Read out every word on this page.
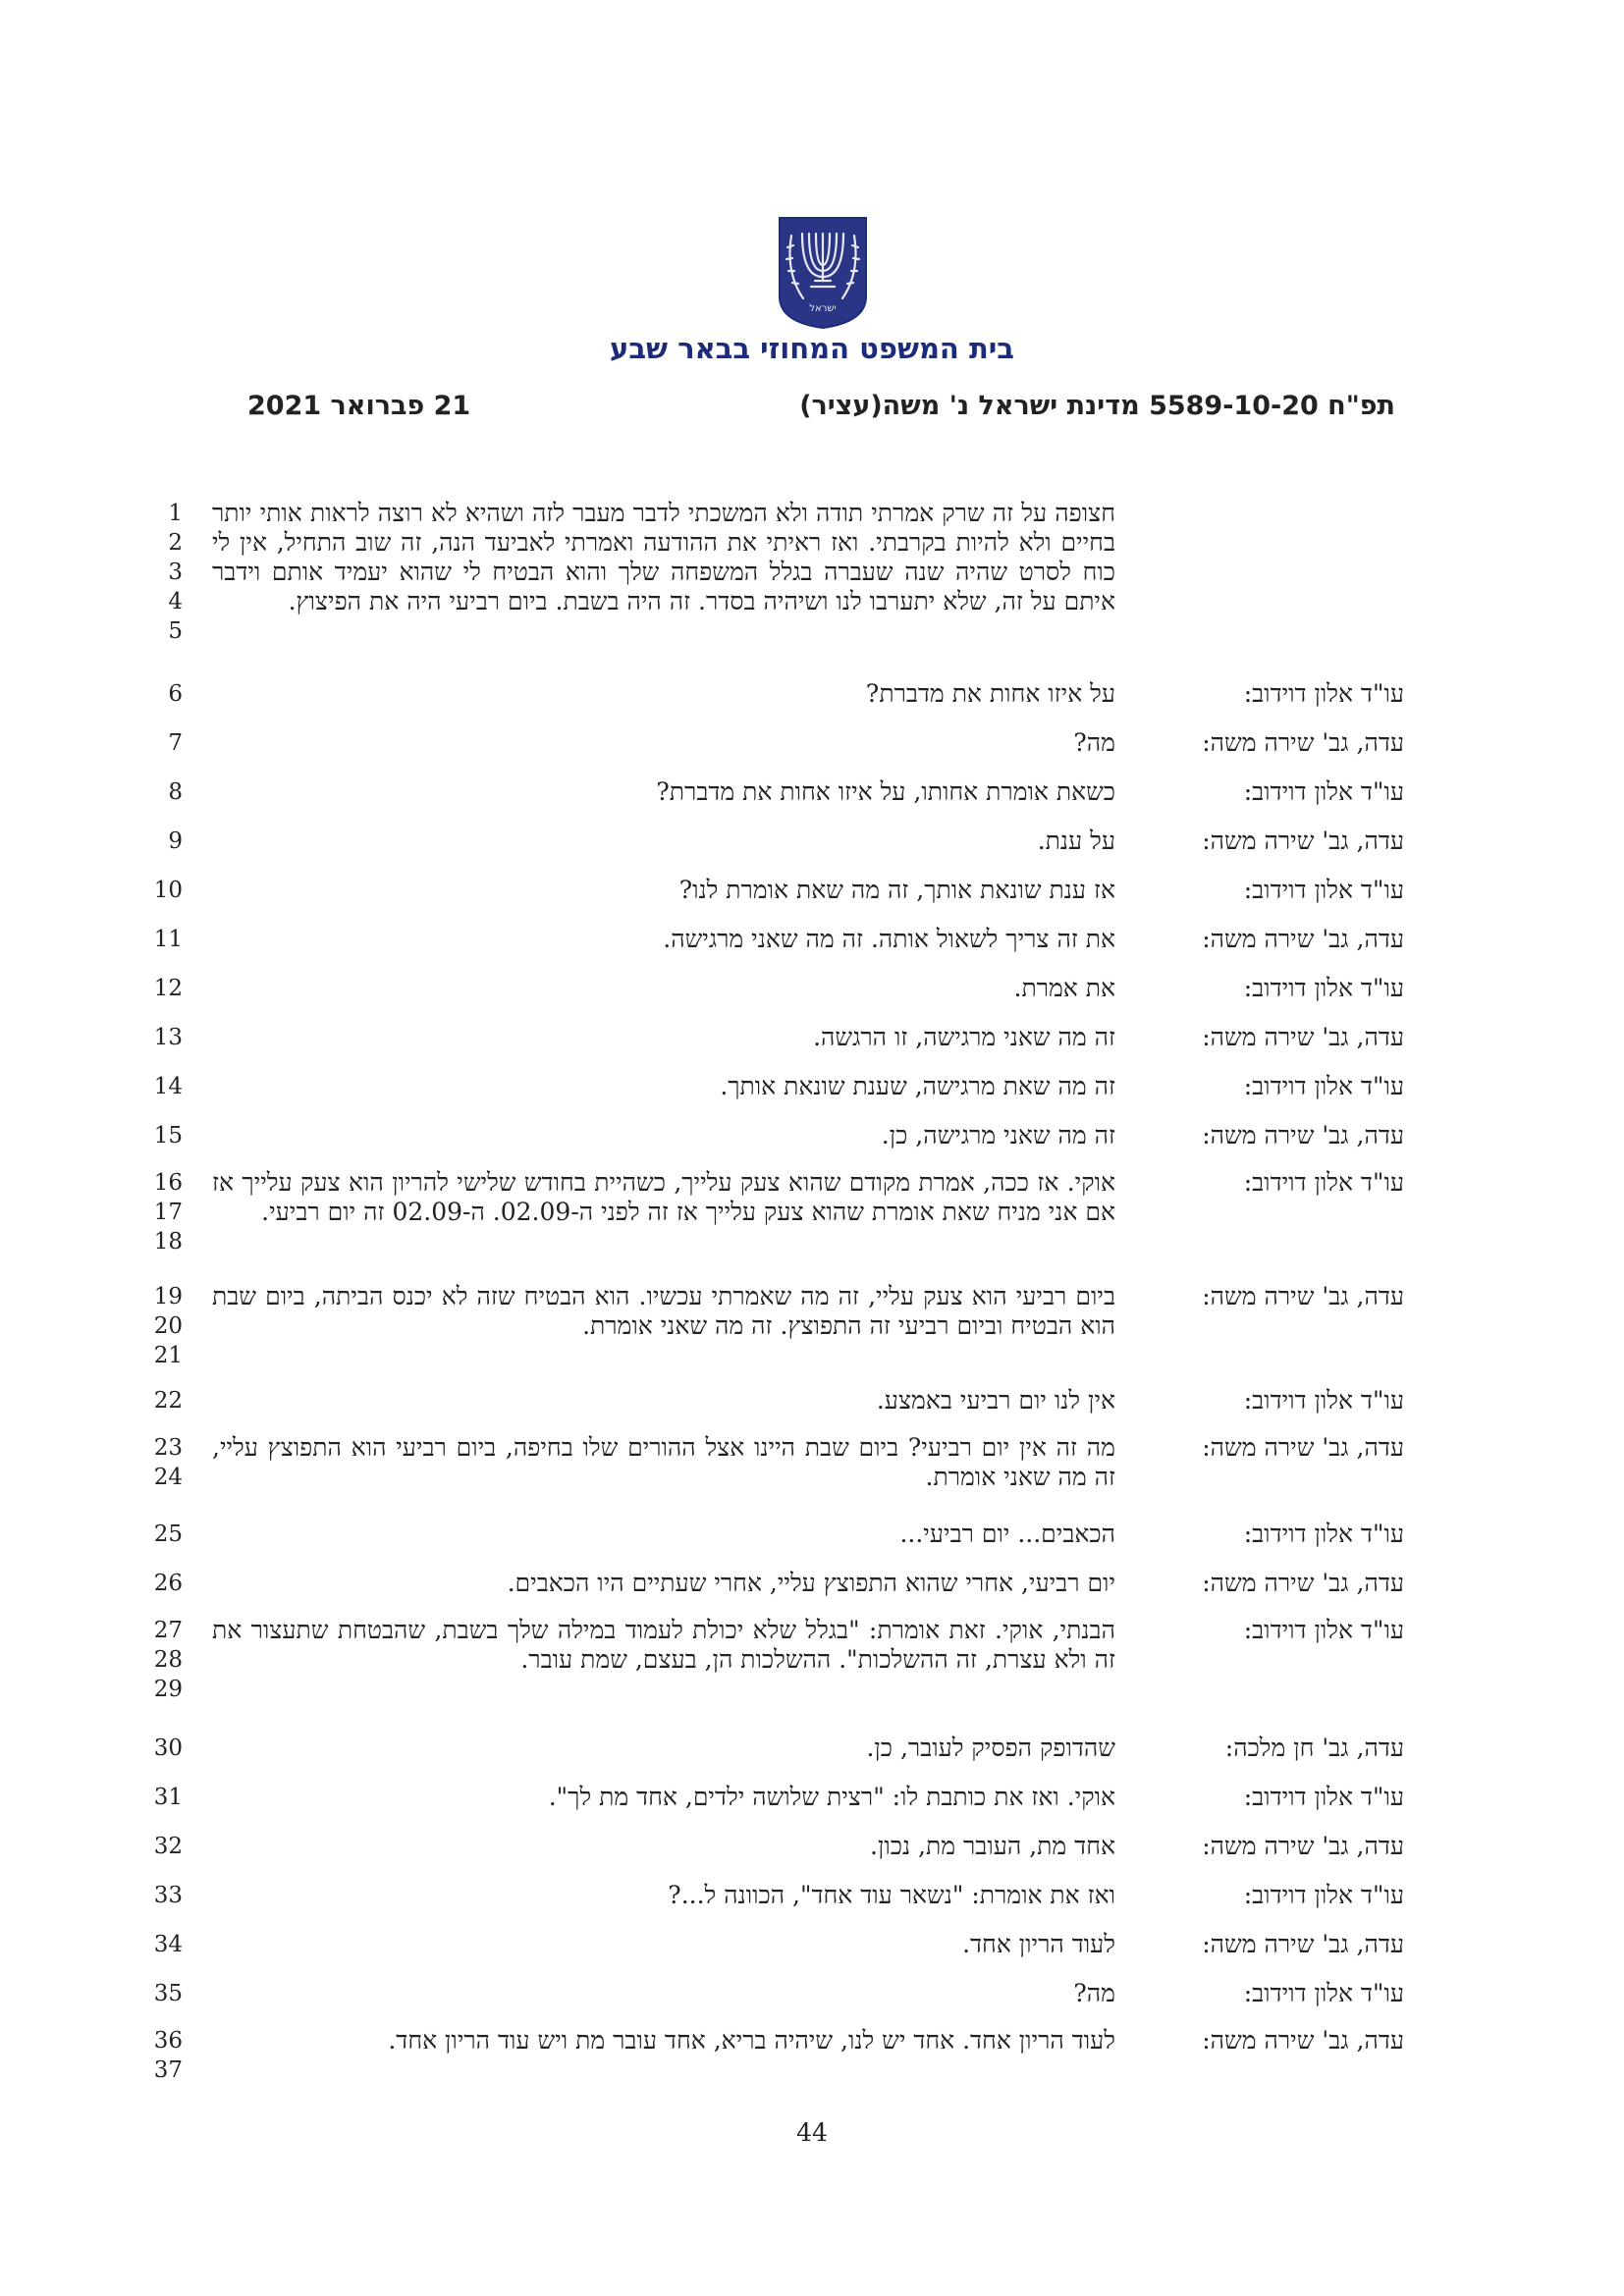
ישראל
בית המשפט המחוזי בבאר שבע
תפ"ח 5589-10-20 מדינת ישראל נ' משה(עציר)
21 פברואר 2021

חצופה על זה שרק אמרתי תודה ולא המשכתי לדבר מעבר לזה ושהיא לא רוצה לראות אותי יותר בחיים ולא להיות בקרבתי. ואז ראיתי את ההודעה ואמרתי לאביעד הנה, זה שוב התחיל, אין לי כוח לסרט שהיה שנה שעברה בגלל המשפחה שלך והוא הבטיח לי שהוא יעמיד אותם וידבר איתם על זה, שלא יתערבו לנו ושיהיה בסדר. זה היה בשבת. ביום רביעי היה את הפיצוץ.

1
2
3
4
5
עו"ד אלון דוידוב:

על איזו אחות את מדברת?

6
עדה, גב' שירה משה:

מה?

7
עו"ד אלון דוידוב:

כשאת אומרת אחותו, על איזו אחות את מדברת?

8
עדה, גב' שירה משה:

על ענת.

9
עו"ד אלון דוידוב:

אז ענת שונאת אותך, זה מה שאת אומרת לנו?

10
עדה, גב' שירה משה:

את זה צריך לשאול אותה. זה מה שאני מרגישה.

11
עו"ד אלון דוידוב:

את אמרת.

12
עדה, גב' שירה משה:

זה מה שאני מרגישה, זו הרגשה.

13
עו"ד אלון דוידוב:

זה מה שאת מרגישה, שענת שונאת אותך.

14
עדה, גב' שירה משה:

זה מה שאני מרגישה, כן.

15
עו"ד אלון דוידוב:

אוקי. אז ככה, אמרת מקודם שהוא צעק עלייך, כשהיית בחודש שלישי להריון הוא צעק עלייך אז אם אני מניח שאת אומרת שהוא צעק עלייך אז זה לפני ה-02.09. ה-02.09 זה יום רביעי.

16
17
18
עדה, גב' שירה משה:

ביום רביעי הוא צעק עליי, זה מה שאמרתי עכשיו. הוא הבטיח שזה לא יכנס הביתה, ביום שבת הוא הבטיח וביום רביעי זה התפוצץ. זה מה שאני אומרת.

19
20
21
עו"ד אלון דוידוב:

אין לנו יום רביעי באמצע.

22
עדה, גב' שירה משה:

מה זה אין יום רביעי? ביום שבת היינו אצל ההורים שלו בחיפה, ביום רביעי הוא התפוצץ עליי, זה מה שאני אומרת.

23
24
עו"ד אלון דוידוב:

הכאבים... יום רביעי...

25
עדה, גב' שירה משה:

יום רביעי, אחרי שהוא התפוצץ עליי, אחרי שעתיים היו הכאבים.

26
עו"ד אלון דוידוב:

הבנתי, אוקי. זאת אומרת: "בגלל שלא יכולת לעמוד במילה שלך בשבת, שהבטחת שתעצור את זה ולא עצרת, זה ההשלכות". ההשלכות הן, בעצם, שמת עובר.

27
28
29
עדה, גב' חן מלכה:

שהדופק הפסיק לעובר, כן.

30
עו"ד אלון דוידוב:

אוקי. ואז את כותבת לו: "רצית שלושה ילדים, אחד מת לך".

31
עדה, גב' שירה משה:

אחד מת, העובר מת, נכון.

32
עו"ד אלון דוידוב:

ואז את אומרת: "נשאר עוד אחד", הכוונה ל...?

33
עדה, גב' שירה משה:

לעוד הריון אחד.

34
עו"ד אלון דוידוב:

מה?

35
עדה, גב' שירה משה:

לעוד הריון אחד. אחד יש לנו, שיהיה בריא, אחד עובר מת ויש עוד הריון אחד.

36
37
44
